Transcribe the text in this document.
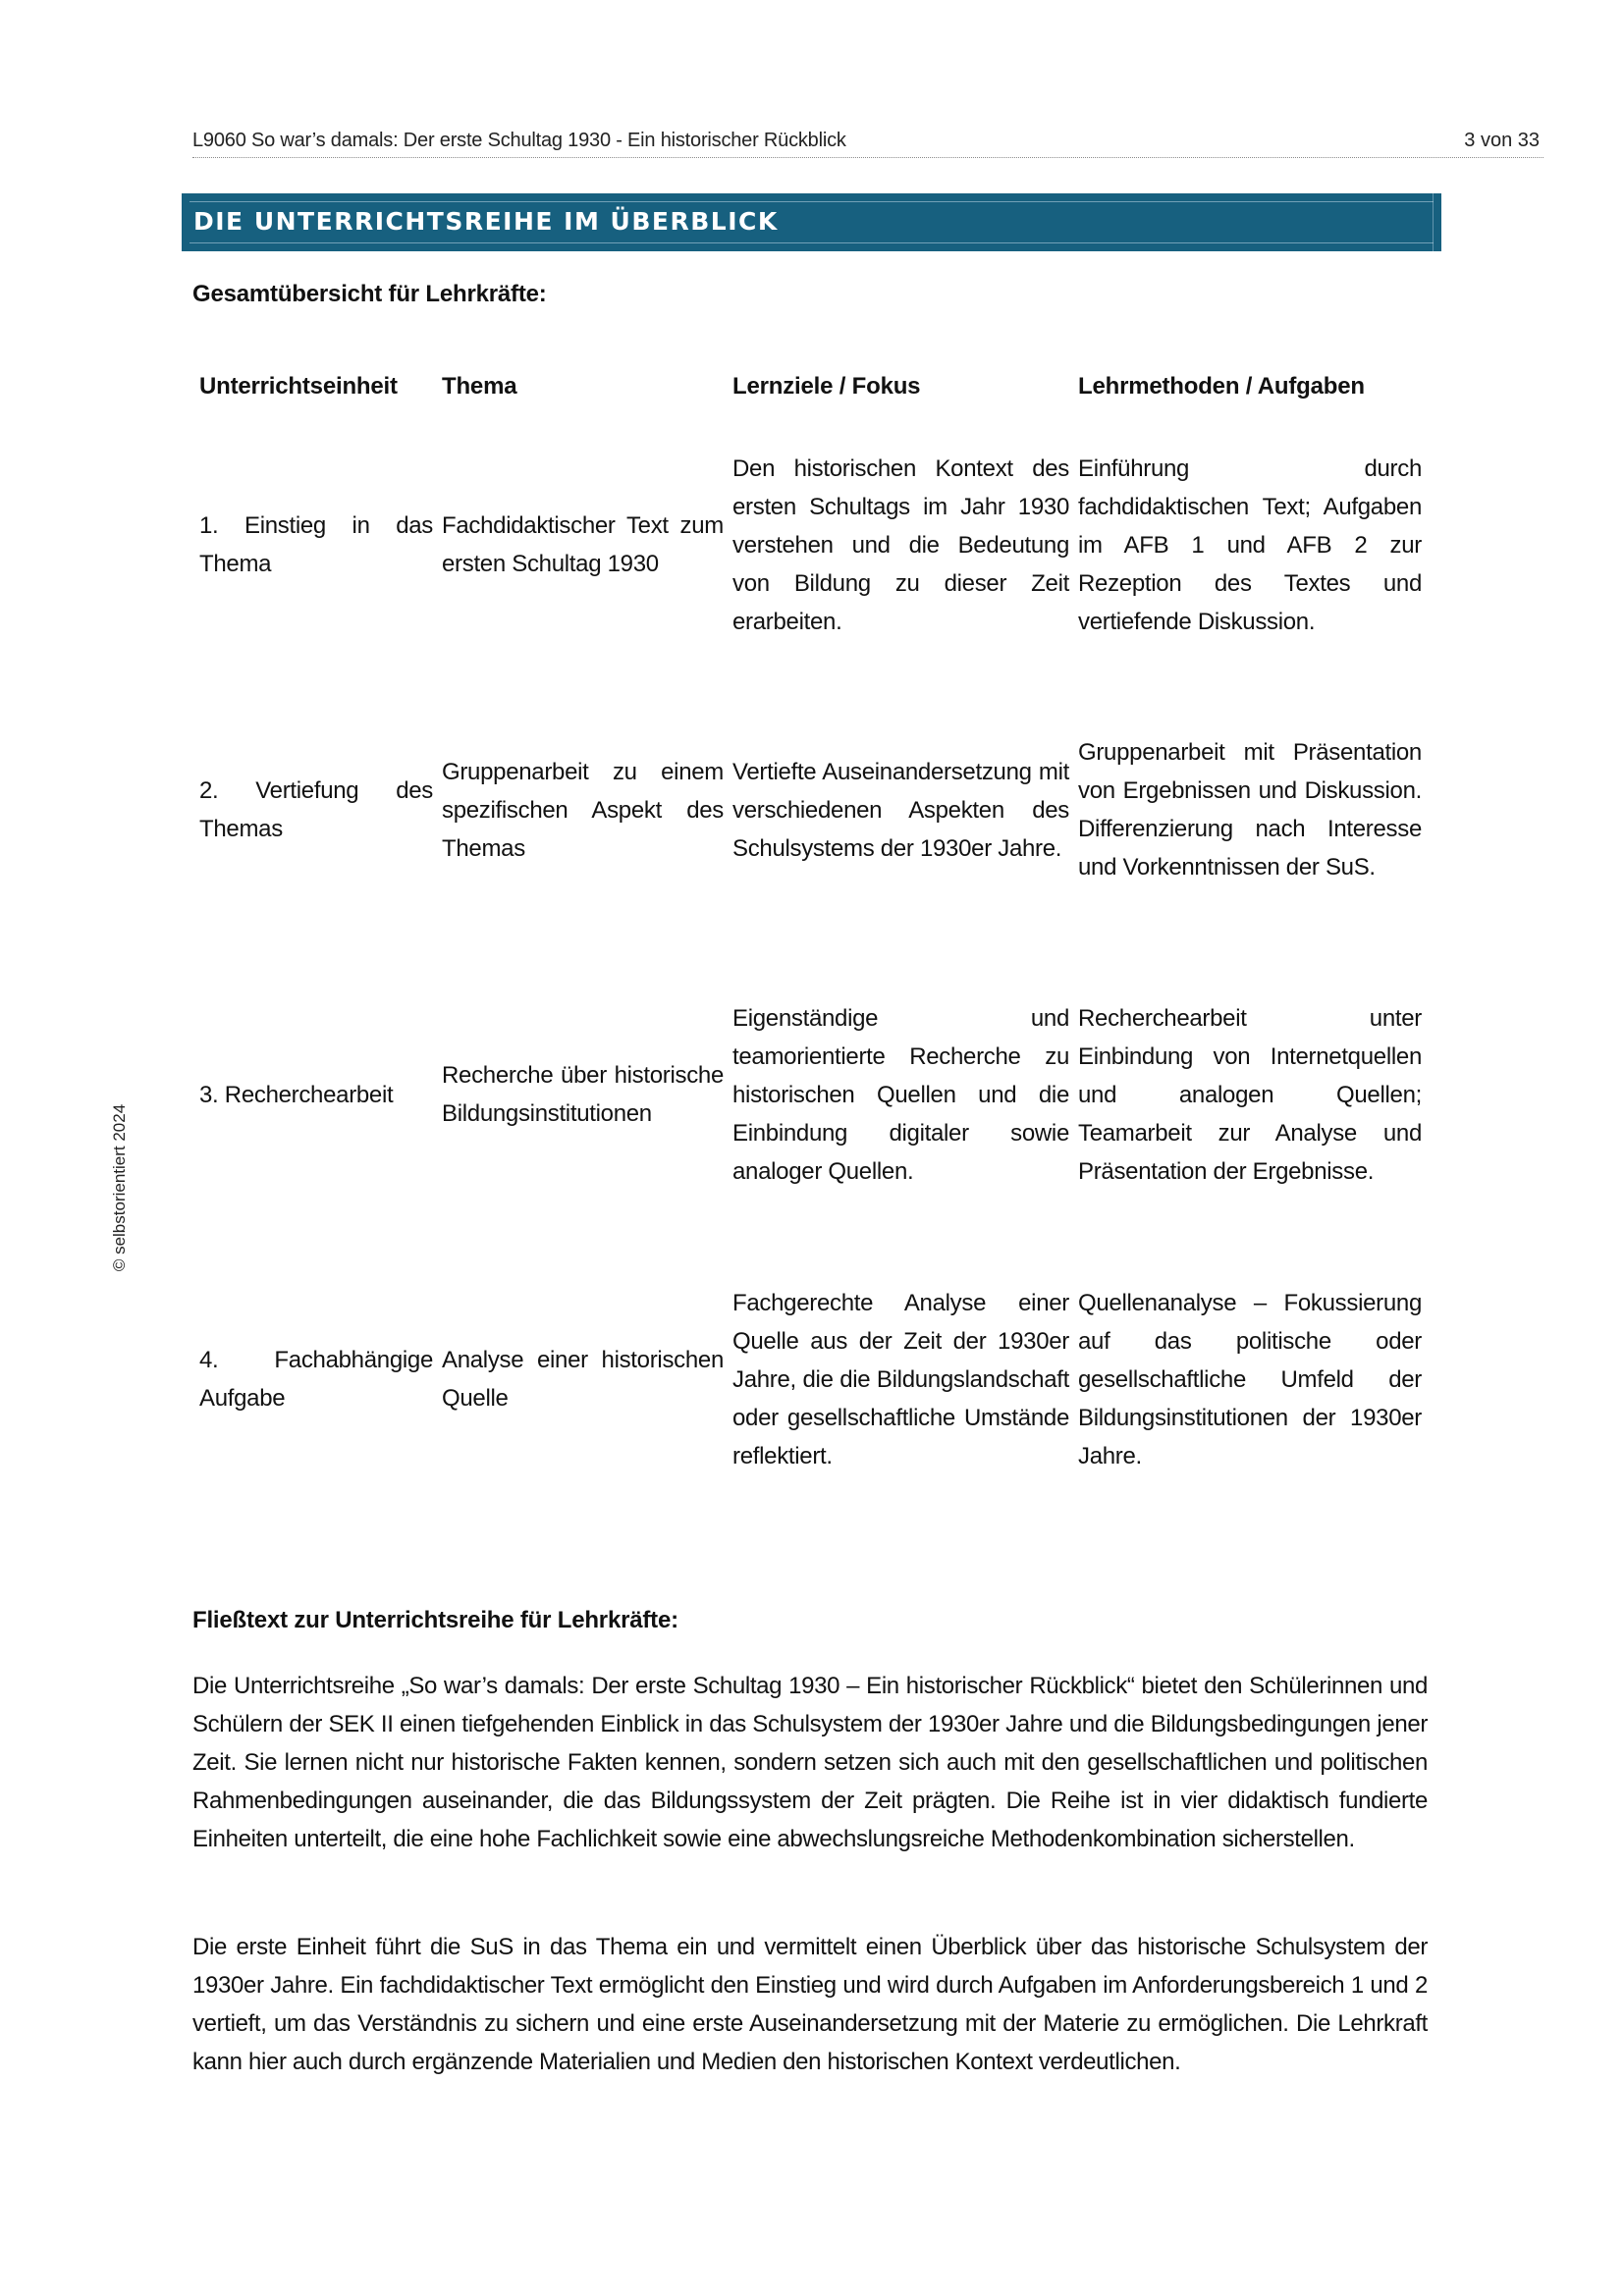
L9060 So war’s damals: Der erste Schultag 1930 - Ein historischer Rückblick	3 von 33
© selbstorientiert 2024
DIE UNTERRICHTSREIHE IM ÜBERBLICK
Gesamtübersicht für Lehrkräfte:
Unterrichtseinheit	Thema	Lernziele / Fokus	Lehrmethoden / Aufgaben
1. Einstieg in das Thema	Fachdidaktischer Text zum ersten Schultag 1930	Den historischen Kontext des ersten Schultags im Jahr 1930 verstehen und die Bedeutung von Bildung zu dieser Zeit erarbeiten.	Einführung durch fachdidaktischen Text; Aufgaben im AFB 1 und AFB 2 zur Rezeption des Textes und vertiefende Diskussion.
2. Vertiefung des Themas	Gruppenarbeit zu einem spezifischen Aspekt des Themas	Vertiefte Auseinandersetzung mit verschiedenen Aspekten des Schulsystems der 1930er Jahre.	Gruppenarbeit mit Präsentation von Ergebnissen und Diskussion. Differenzierung nach Interesse und Vorkenntnissen der SuS.
3. Recherchearbeit	Recherche über historische Bildungsinstitutionen	Eigenständige und teamorientierte Recherche zu historischen Quellen und die Einbindung digitaler sowie analoger Quellen.	Recherchearbeit unter Einbindung von Internetquellen und analogen Quellen; Teamarbeit zur Analyse und Präsentation der Ergebnisse.
4. Fachabhängige Aufgabe	Analyse einer historischen Quelle	Fachgerechte Analyse einer Quelle aus der Zeit der 1930er Jahre, die die Bildungslandschaft oder gesellschaftliche Umstände reflektiert.	Quellenanalyse – Fokussierung auf das politische oder gesellschaftliche Umfeld der Bildungsinstitutionen der 1930er Jahre.
Fließtext zur Unterrichtsreihe für Lehrkräfte:

Die Unterrichtsreihe „So war’s damals: Der erste Schultag 1930 – Ein historischer Rückblick“ bietet den Schülerinnen und Schülern der SEK II einen tiefgehenden Einblick in das Schulsystem der 1930er Jahre und die Bildungsbedingungen jener Zeit. Sie lernen nicht nur historische Fakten kennen, sondern setzen sich auch mit den gesellschaftlichen und politischen Rahmenbedingungen auseinander, die das Bildungssystem der Zeit prägten. Die Reihe ist in vier didaktisch fundierte Einheiten unterteilt, die eine hohe Fachlichkeit sowie eine abwechslungsreiche Methodenkombination sicherstellen.

Die erste Einheit führt die SuS in das Thema ein und vermittelt einen Überblick über das historische Schulsystem der 1930er Jahre. Ein fachdidaktischer Text ermöglicht den Einstieg und wird durch Aufgaben im Anforderungsbereich 1 und 2 vertieft, um das Verständnis zu sichern und eine erste Auseinandersetzung mit der Materie zu ermöglichen. Die Lehrkraft kann hier auch durch ergänzende Materialien und Medien den historischen Kontext verdeutlichen.
